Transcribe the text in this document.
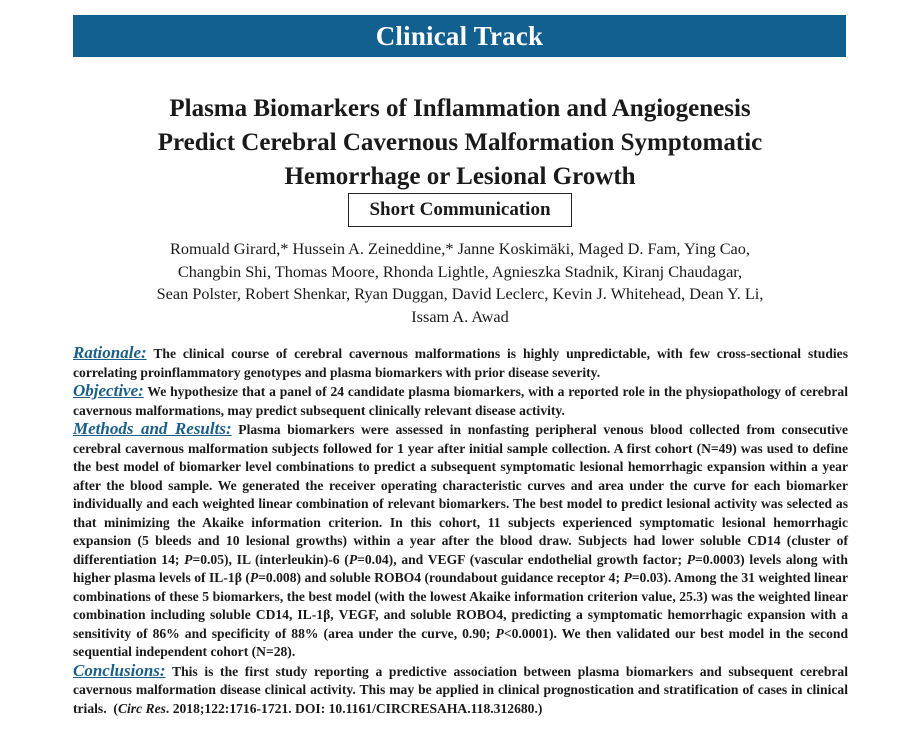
Clinical Track
Plasma Biomarkers of Inflammation and Angiogenesis
Predict Cerebral Cavernous Malformation Symptomatic
Hemorrhage or Lesional Growth
Short Communication
Romuald Girard,* Hussein A. Zeineddine,* Janne Koskimäki, Maged D. Fam, Ying Cao,
Changbin Shi, Thomas Moore, Rhonda Lightle, Agnieszka Stadnik, Kiranj Chaudagar,
Sean Polster, Robert Shenkar, Ryan Duggan, David Leclerc, Kevin J. Whitehead, Dean Y. Li,
Issam A. Awad
Rationale: The clinical course of cerebral cavernous malformations is highly unpredictable, with few cross-sectional studies correlating proinflammatory genotypes and plasma biomarkers with prior disease severity.
Objective: We hypothesize that a panel of 24 candidate plasma biomarkers, with a reported role in the physiopathology of cerebral cavernous malformations, may predict subsequent clinically relevant disease activity.
Methods and Results: Plasma biomarkers were assessed in nonfasting peripheral venous blood collected from consecutive cerebral cavernous malformation subjects followed for 1 year after initial sample collection. A first cohort (N=49) was used to define the best model of biomarker level combinations to predict a subsequent symptomatic lesional hemorrhagic expansion within a year after the blood sample. We generated the receiver operating characteristic curves and area under the curve for each biomarker individually and each weighted linear combination of relevant biomarkers. The best model to predict lesional activity was selected as that minimizing the Akaike information criterion. In this cohort, 11 subjects experienced symptomatic lesional hemorrhagic expansion (5 bleeds and 10 lesional growths) within a year after the blood draw. Subjects had lower soluble CD14 (cluster of differentiation 14; P=0.05), IL (interleukin)-6 (P=0.04), and VEGF (vascular endothelial growth factor; P=0.0003) levels along with higher plasma levels of IL-1β (P=0.008) and soluble ROBO4 (roundabout guidance receptor 4; P=0.03). Among the 31 weighted linear combinations of these 5 biomarkers, the best model (with the lowest Akaike information criterion value, 25.3) was the weighted linear combination including soluble CD14, IL-1β, VEGF, and soluble ROBO4, predicting a symptomatic hemorrhagic expansion with a sensitivity of 86% and specificity of 88% (area under the curve, 0.90; P<0.0001). We then validated our best model in the second sequential independent cohort (N=28).
Conclusions: This is the first study reporting a predictive association between plasma biomarkers and subsequent cerebral cavernous malformation disease clinical activity. This may be applied in clinical prognostication and stratification of cases in clinical trials. (Circ Res. 2018;122:1716-1721. DOI: 10.1161/CIRCRESAHA.118.312680.)
